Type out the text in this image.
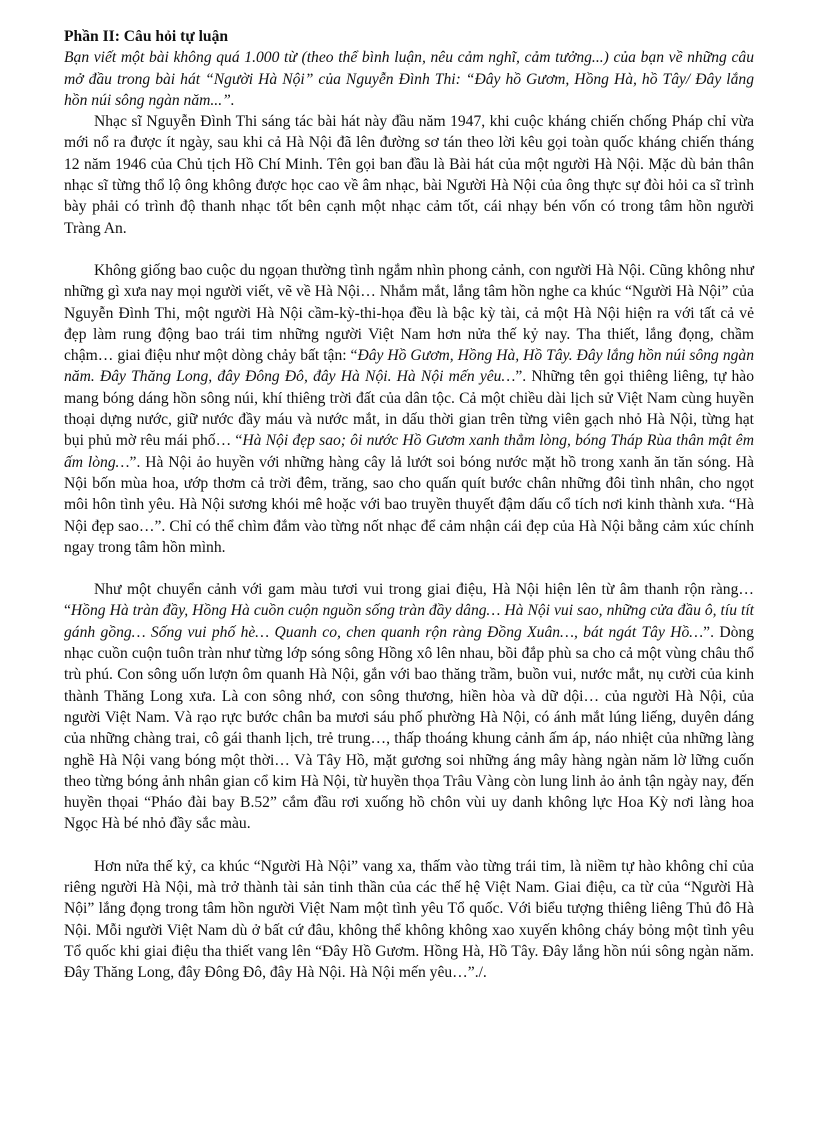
Phần II: Câu hỏi tự luận

Bạn viết một bài không quá 1.000 từ (theo thể bình luận, nêu cảm nghĩ, cảm tưởng...) của bạn về những câu mở đầu trong bài hát “Người Hà Nội” của Nguyễn Đình Thi: “Đây hồ Gươm, Hồng Hà, hồ Tây/ Đây lắng hồn núi sông ngàn năm...”.

Nhạc sĩ Nguyễn Đình Thi sáng tác bài hát này đầu năm 1947, khi cuộc kháng chiến chống Pháp chỉ vừa mới nổ ra được ít ngày, sau khi cả Hà Nội đã lên đường sơ tán theo lời kêu gọi toàn quốc kháng chiến tháng 12 năm 1946 của Chủ tịch Hồ Chí Minh. Tên gọi ban đầu là Bài hát của một người Hà Nội. Mặc dù bản thân nhạc sĩ từng thổ lộ ông không được học cao về âm nhạc, bài Người Hà Nội của ông thực sự đòi hỏi ca sĩ trình bày phải có trình độ thanh nhạc tốt bên cạnh một nhạc cảm tốt, cái nhạy bén vốn có trong tâm hồn người Tràng An.

Không giống bao cuộc du ngọan thường tình ngắm nhìn phong cảnh, con người Hà Nội. Cũng không như những gì xưa nay mọi người viết, vẽ về Hà Nội… Nhắm mắt, lắng tâm hồn nghe ca khúc “Người Hà Nội” của Nguyễn Đình Thi, một người Hà Nội cầm-kỳ-thi-họa đều là bậc kỳ tài, cả một Hà Nội hiện ra với tất cả vẻ đẹp làm rung động bao trái tim những người Việt Nam hơn nửa thế kỷ nay. Tha thiết, lắng đọng, chầm chậm… giai điệu như một dòng chảy bất tận: “Đây Hồ Gươm, Hồng Hà, Hồ Tây. Đây lắng hồn núi sông ngàn năm. Đây Thăng Long, đây Đông Đô, đây Hà Nội. Hà Nội mến yêu…”. Những tên gọi thiêng liêng, tự hào mang bóng dáng hồn sông núi, khí thiêng trời đất của dân tộc. Cả một chiều dài lịch sử Việt Nam cùng huyền thoại dựng nước, giữ nước đầy máu và nước mắt, in dấu thời gian trên từng viên gạch nhỏ Hà Nội, từng hạt bụi phủ mờ rêu mái phố… “Hà Nội đẹp sao; ôi nước Hồ Gươm xanh thẳm lòng, bóng Tháp Rùa thân mật êm ấm lòng…”. Hà Nội ảo huyền với những hàng cây lả lướt soi bóng nước mặt hồ trong xanh ăn tăn sóng. Hà Nội bốn mùa hoa, ướp thơm cả trời đêm, trăng, sao cho quấn quít bước chân những đôi tình nhân, cho ngọt môi hôn tình yêu. Hà Nội sương khói mê hoặc với bao truyền thuyết đậm dấu cổ tích nơi kinh thành xưa. “Hà Nội đẹp sao…”. Chỉ có thể chìm đắm vào từng nốt nhạc để cảm nhận cái đẹp của Hà Nội bằng cảm xúc chính ngay trong tâm hồn mình.

Như một chuyển cảnh với gam màu tươi vui trong giai điệu, Hà Nội hiện lên từ âm thanh rộn ràng… “Hồng Hà tràn đầy, Hồng Hà cuồn cuộn nguồn sống tràn đầy dâng… Hà Nội vui sao, những cửa đầu ô, tíu tít gánh gồng… Sống vui phố hè… Quanh co, chen quanh rộn ràng Đồng Xuân…, bát ngát Tây Hồ…”. Dòng nhạc cuồn cuộn tuôn tràn như từng lớp sóng sông Hồng xô lên nhau, bồi đắp phù sa cho cả một vùng châu thổ trù phú. Con sông uốn lượn ôm quanh Hà Nội, gắn với bao thăng trầm, buồn vui, nước mắt, nụ cười của kinh thành Thăng Long xưa. Là con sông nhớ, con sông thương, hiền hòa và dữ dội… của người Hà Nội, của người Việt Nam. Và rạo rực bước chân ba mươi sáu phố phường Hà Nội, có ánh mắt lúng liếng, duyên dáng của những chàng trai, cô gái thanh lịch, trẻ trung…, thấp thoáng khung cảnh ấm áp, náo nhiệt của những làng nghề Hà Nội vang bóng một thời… Và Tây Hồ, mặt gương soi những áng mây hàng ngàn năm lờ lững cuốn theo từng bóng ảnh nhân gian cổ kim Hà Nội, từ huyền thọa Trâu Vàng còn lung linh ảo ảnh tận ngày nay, đến huyền thọai “Pháo đài bay B.52” cắm đầu rơi xuống hồ chôn vùi uy danh không lực Hoa Kỳ nơi làng hoa Ngọc Hà bé nhỏ đầy sắc màu.

Hơn nửa thế kỷ, ca khúc “Người Hà Nội” vang xa, thấm vào từng trái tim, là niềm tự hào không chỉ của riêng người Hà Nội, mà trở thành tài sản tinh thần của các thế hệ Việt Nam. Giai điệu, ca từ của “Người Hà Nội” lắng đọng trong tâm hồn người Việt Nam một tình yêu Tổ quốc. Với biểu tượng thiêng liêng Thủ đô Hà Nội. Mỗi người Việt Nam dù ở bất cứ đâu, không thể không không xao xuyến không cháy bỏng một tình yêu Tổ quốc khi giai điệu tha thiết vang lên “Đây Hồ Gươm. Hồng Hà, Hồ Tây. Đây lắng hồn núi sông ngàn năm. Đây Thăng Long, đây Đông Đô, đây Hà Nội. Hà Nội mến yêu…”./.
